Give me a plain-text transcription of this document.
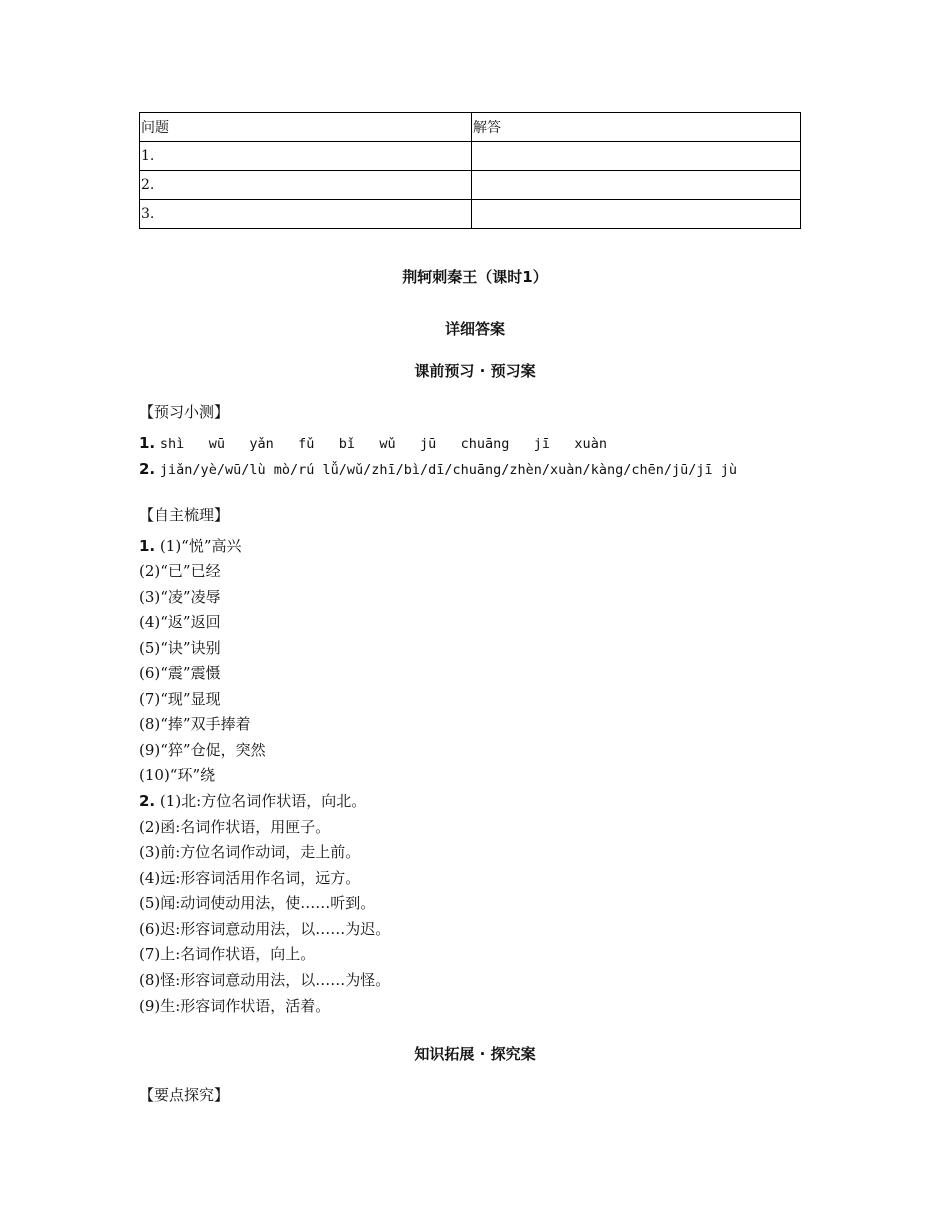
问题	解答
1.	
2.	
3.	
荆轲刺秦王（课时1）
详细答案
课前预习 · 预习案
【预习小测】
1. shì   wū   yǎn   fǔ   bǐ   wǔ   jū   chuāng   jī   xuàn
2. jiǎn/yè/wū/lù mò/rú lǚ/wǔ/zhī/bì/dī/chuāng/zhèn/xuàn/kàng/chēn/jū/jī jù
【自主梳理】
1. (1)“悦”高兴
(2)“已”已经
(3)“凌”凌辱
(4)“返”返回
(5)“诀”诀别
(6)“震”震慑
(7)“现”显现
(8)“捧”双手捧着
(9)“猝”仓促，突然
(10)“环”绕
2. (1)北:方位名词作状语，向北。
(2)函:名词作状语，用匣子。
(3)前:方位名词作动词，走上前。
(4)远:形容词活用作名词，远方。
(5)闻:动词使动用法，使……听到。
(6)迟:形容词意动用法，以……为迟。
(7)上:名词作状语，向上。
(8)怪:形容词意动用法，以……为怪。
(9)生:形容词作状语，活着。
知识拓展 · 探究案
【要点探究】
